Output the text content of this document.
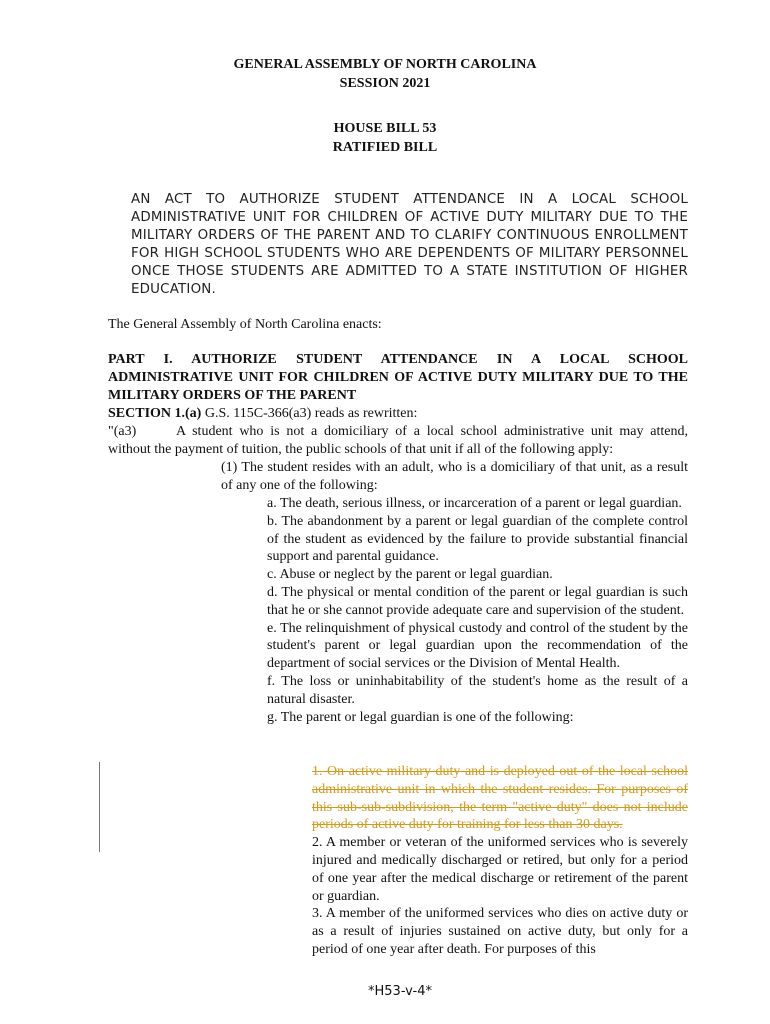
GENERAL ASSEMBLY OF NORTH CAROLINA
SESSION 2021
HOUSE BILL 53
RATIFIED BILL
AN ACT TO AUTHORIZE STUDENT ATTENDANCE IN A LOCAL SCHOOL ADMINISTRATIVE UNIT FOR CHILDREN OF ACTIVE DUTY MILITARY DUE TO THE MILITARY ORDERS OF THE PARENT AND TO CLARIFY CONTINUOUS ENROLLMENT FOR HIGH SCHOOL STUDENTS WHO ARE DEPENDENTS OF MILITARY PERSONNEL ONCE THOSE STUDENTS ARE ADMITTED TO A STATE INSTITUTION OF HIGHER EDUCATION.
The General Assembly of North Carolina enacts:
PART I. AUTHORIZE STUDENT ATTENDANCE IN A LOCAL SCHOOL ADMINISTRATIVE UNIT FOR CHILDREN OF ACTIVE DUTY MILITARY DUE TO THE MILITARY ORDERS OF THE PARENT
SECTION 1.(a) G.S. 115C-366(a3) reads as rewritten:
"(a3)	A student who is not a domiciliary of a local school administrative unit may attend, without the payment of tuition, the public schools of that unit if all of the following apply:
(1) The student resides with an adult, who is a domiciliary of that unit, as a result of any one of the following:

a. The death, serious illness, or incarceration of a parent or legal guardian.

b. The abandonment by a parent or legal guardian of the complete control of the student as evidenced by the failure to provide substantial financial support and parental guidance.

c. Abuse or neglect by the parent or legal guardian.

d. The physical or mental condition of the parent or legal guardian is such that he or she cannot provide adequate care and supervision of the student.

e. The relinquishment of physical custody and control of the student by the student's parent or legal guardian upon the recommendation of the department of social services or the Division of Mental Health.

f. The loss or uninhabitability of the student's home as the result of a natural disaster.

g. The parent or legal guardian is one of the following:

1. On active military duty and is deployed out of the local school administrative unit in which the student resides. For purposes of this sub-sub-subdivision, the term "active duty" does not include periods of active duty for training for less than 30 days.

2. A member or veteran of the uniformed services who is severely injured and medically discharged or retired, but only for a period of one year after the medical discharge or retirement of the parent or guardian.

3. A member of the uniformed services who dies on active duty or as a result of injuries sustained on active duty, but only for a period of one year after death. For purposes of this

*H53-v-4*
